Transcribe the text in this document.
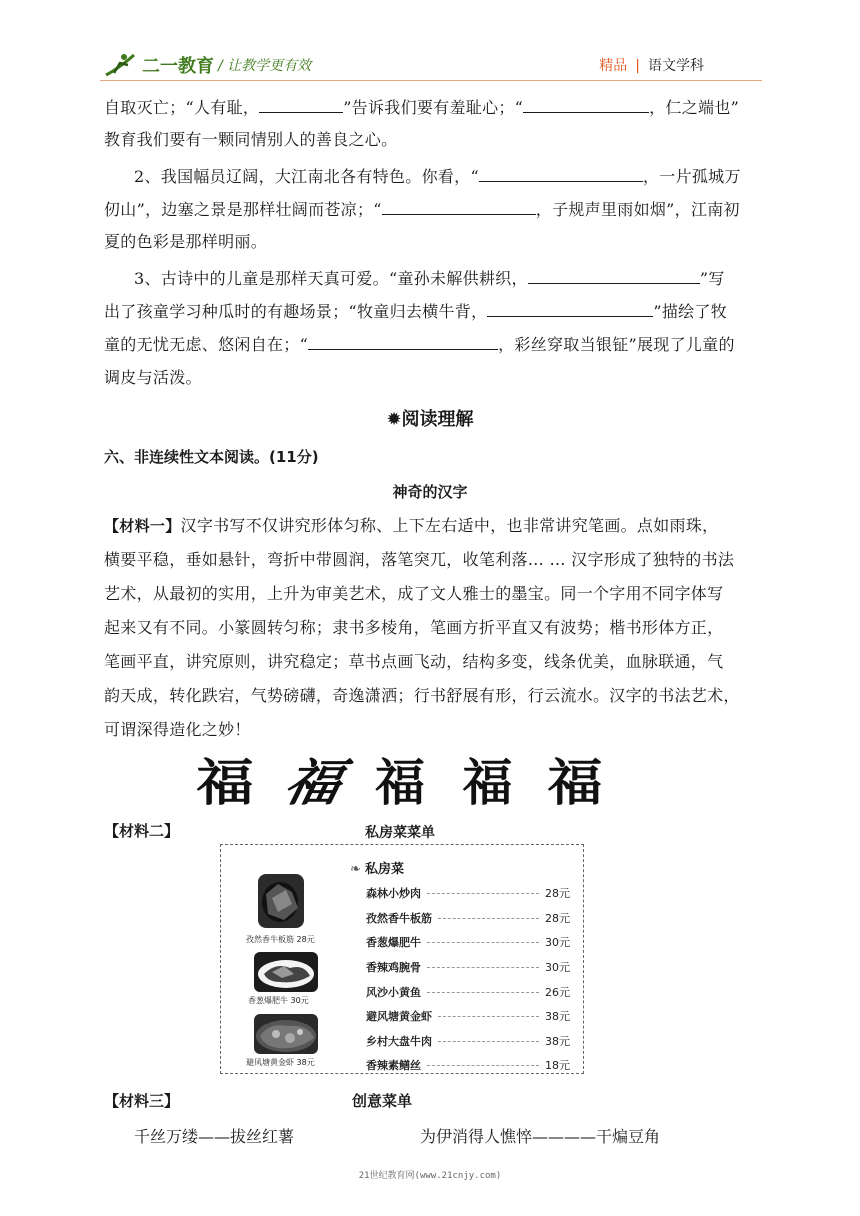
二一教育 / 让教学更有效	精品 | 语文学科
自取灭亡；“人有耻，	”告诉我们要有羞耻心；“	，仁之端也”
教育我们要有一颗同情别人的善良之心。
2、我国幅员辽阔，大江南北各有特色。你看，“	，一片孤城万
仞山”，边塞之景是那样壮阔而苍凉；“	，子规声里雨如烟”，江南初
夏的色彩是那样明丽。
3、古诗中的儿童是那样天真可爱。“童孙未解供耕织，	”写
出了孩童学习种瓜时的有趣场景；“牧童归去横牛背，	”描绘了牧
童的无忧无虑、悠闲自在；“	，彩丝穿取当银钲”展现了儿童的
调皮与活泼。
✹阅读理解
六、非连续性文本阅读。(11分)
神奇的汉字
【材料一】汉字书写不仅讲究形体匀称、上下左右适中，也非常讲究笔画。点如雨珠，
横要平稳，垂如悬针，弯折中带圆润，落笔突兀，收笔利落… … 汉字形成了独特的书法
艺术，从最初的实用，上升为审美艺术，成了文人雅士的墨宝。同一个字用不同字体写
起来又有不同。小篆圆转匀称；隶书多棱角，笔画方折平直又有波势；楷书形体方正，
笔画平直，讲究原则，讲究稳定；草书点画飞动，结构多变，线条优美，血脉联通，气
韵天成，转化跌宕，气势磅礴，奇逸潇洒；行书舒展有形，行云流水。汉字的书法艺术，
可谓深得造化之妙！
福 福 福 福 福
【材料二】	私房菜菜单
❧ 私房菜
森林小炒肉	28元
孜然香牛板筋	28元
香葱爆肥牛	30元
香辣鸡腕骨	30元
风沙小黄鱼	26元
避风塘黄金虾	38元
乡村大盘牛肉	38元
香辣素鳝丝	18元
孜然香牛板筋 28元
香葱爆肥牛 30元
避风塘黄金虾 38元
【材料三】	创意菜单
千丝万缕——拔丝红薯	为伊消得人憔悴————干煸豆角
21世纪教育网(www.21cnjy.com)
